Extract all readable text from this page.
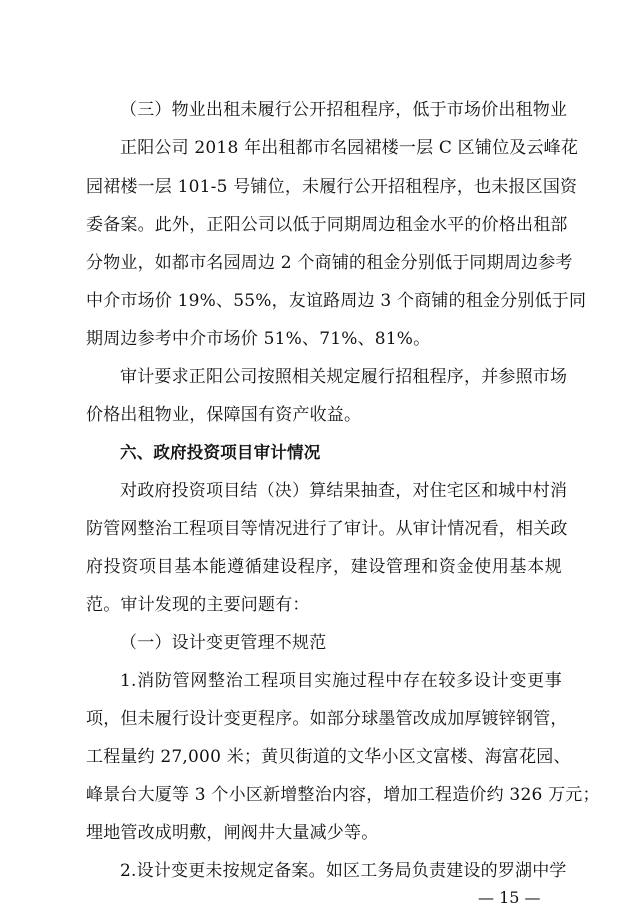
（三）物业出租未履行公开招租程序，低于市场价出租物业
正阳公司 2018 年出租都市名园裙楼一层 C 区铺位及云峰花
园裙楼一层 101-5 号铺位，未履行公开招租程序，也未报区国资
委备案。此外，正阳公司以低于同期周边租金水平的价格出租部
分物业，如都市名园周边 2 个商铺的租金分别低于同期周边参考
中介市场价 19%、55%，友谊路周边 3 个商铺的租金分别低于同
期周边参考中介市场价 51%、71%、81%。
审计要求正阳公司按照相关规定履行招租程序，并参照市场
价格出租物业，保障国有资产收益。
六、政府投资项目审计情况
对政府投资项目结（决）算结果抽查，对住宅区和城中村消
防管网整治工程项目等情况进行了审计。从审计情况看，相关政
府投资项目基本能遵循建设程序，建设管理和资金使用基本规
范。审计发现的主要问题有：
（一）设计变更管理不规范
1.消防管网整治工程项目实施过程中存在较多设计变更事
项，但未履行设计变更程序。如部分球墨管改成加厚镀锌钢管，
工程量约 27,000 米；黄贝街道的文华小区文富楼、海富花园、
峰景台大厦等 3 个小区新增整治内容，增加工程造价约 326 万元；
埋地管改成明敷，闸阀井大量减少等。
2.设计变更未按规定备案。如区工务局负责建设的罗湖中学
— 15 —
